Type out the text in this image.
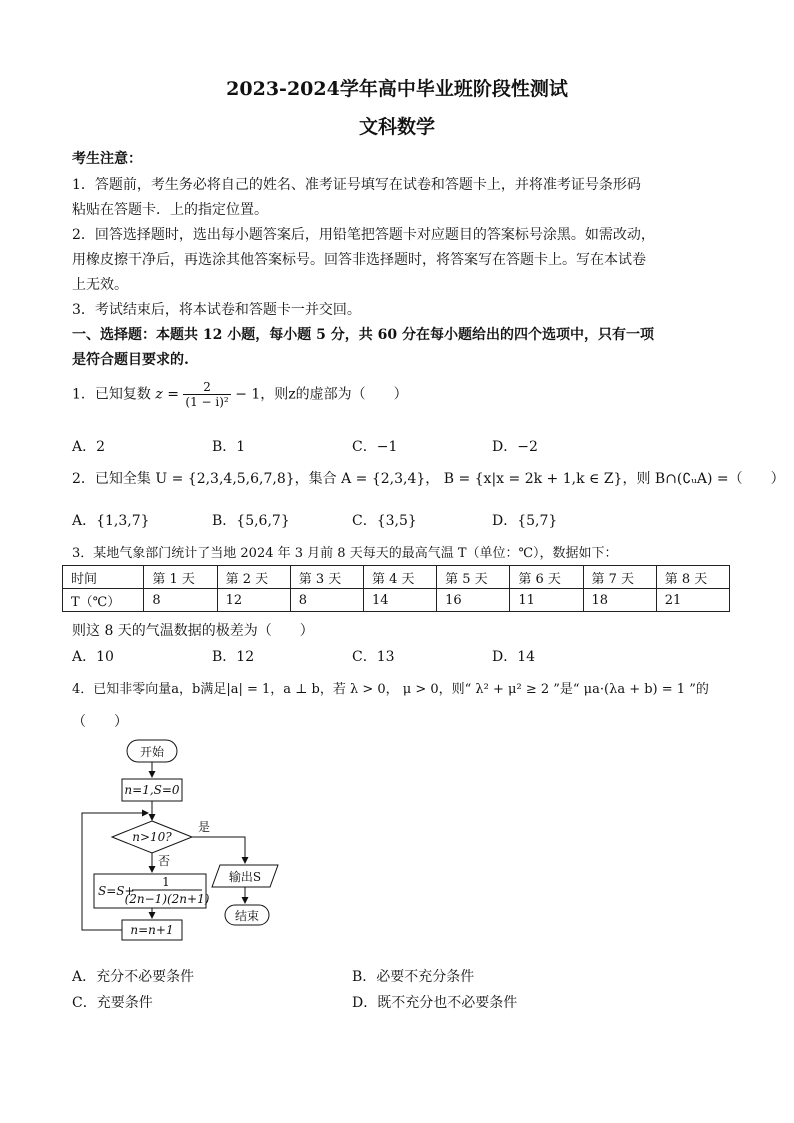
2023-2024学年高中毕业班阶段性测试
文科数学
考生注意：
1．答题前，考生务必将自己的姓名、准考证号填写在试卷和答题卡上，并将准考证号条形码
粘贴在答题卡．上的指定位置。
2．回答选择题时，选出每小题答案后，用铅笔把答题卡对应题目的答案标号涂黑。如需改动，
用橡皮擦干净后，再选涂其他答案标号。回答非选择题时，将答案写在答题卡上。写在本试卷
上无效。
3．考试结束后，将本试卷和答题卡一并交回。
一、选择题：本题共 12 小题，每小题 5 分，共 60 分在每小题给出的四个选项中，只有一项
是符合题目要求的.
1．已知复数 $z = \frac{2}{\text{(1 − i)²}} - 1$，则z的虚部为（　　）
A．2	B．1	C．−1	D．−2
2．已知全集 U = {2,3,4,5,6,7,8}，集合 A = {2,3,4}， B = {x|x = 2k + 1,k ∈ Z}，则 B∩(∁ᵤA) =（　　）
A．{1,3,7}	B．{5,6,7}	C．{3,5}	D．{5,7}
3．某地气象部门统计了当地 2024 年 3 月前 8 天每天的最高气温 T（单位：℃），数据如下：
时间	第 1 天	第 2 天	第 3 天	第 4 天	第 5 天	第 6 天	第 7 天	第 8 天
T（℃）	8	12	8	14	16	11	18	21
则这 8 天的气温数据的极差为（　　）
A．10	B．12	C．13	D．14
4．已知非零向量a，b满足|a| = 1，a ⊥ b，若 λ > 0， μ > 0，则“ λ² + μ² ≥ 2 ”是“ μa·(λa + b) = 1 ”的
（　　）
开始
n=1,S=0
n>10?
是
输出S
结束
否
S=S+
1
(2n−1)(2n+1)
n=n+1
A．充分不必要条件	B．必要不充分条件
C．充要条件	D．既不充分也不必要条件
